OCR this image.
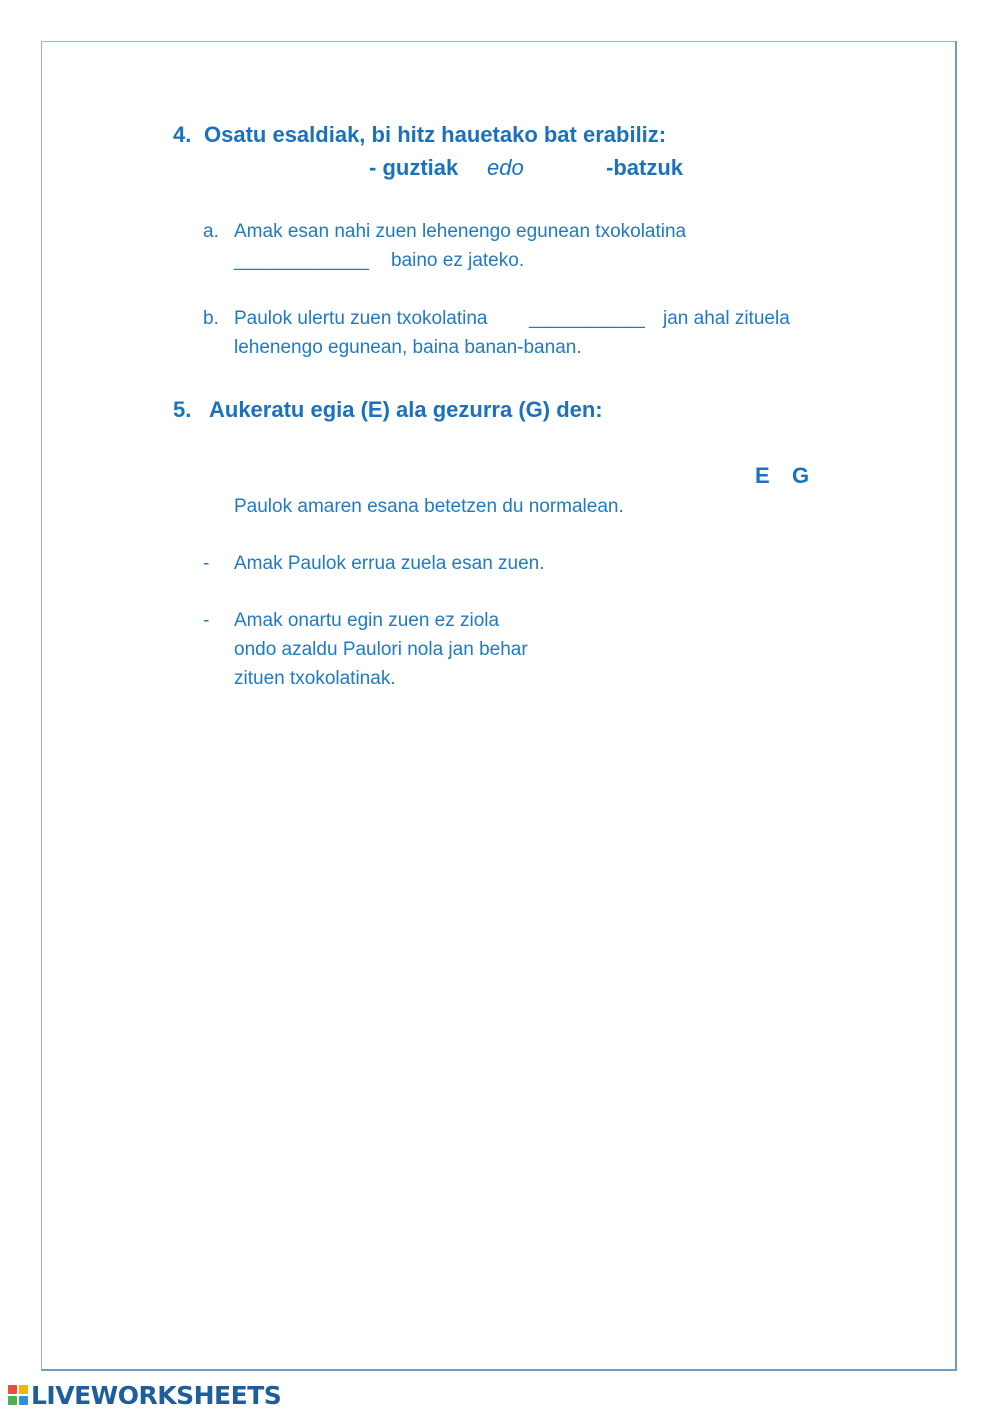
4. Osatu esaldiak, bi hitz hauetako bat erabiliz:
- guztiak edo	-batzuk
a. Amak esan nahi zuen lehenengo egunean txokolatina
______________ baino ez jateko.
b. Paulok ulertu zuen txokolatina ____________ jan ahal zituela
lehenengo egunean, baina banan-banan.
5. Aukeratu egia (E) ala gezurra (G) den:
E G
Paulok amaren esana betetzen du normalean.
- Amak Paulok errua zuela esan zuen.
- Amak onartu egin zuen ez ziola
ondo azaldu Paulori nola jan behar
zituen txokolatinak.
LIVEWORKSHEETS
